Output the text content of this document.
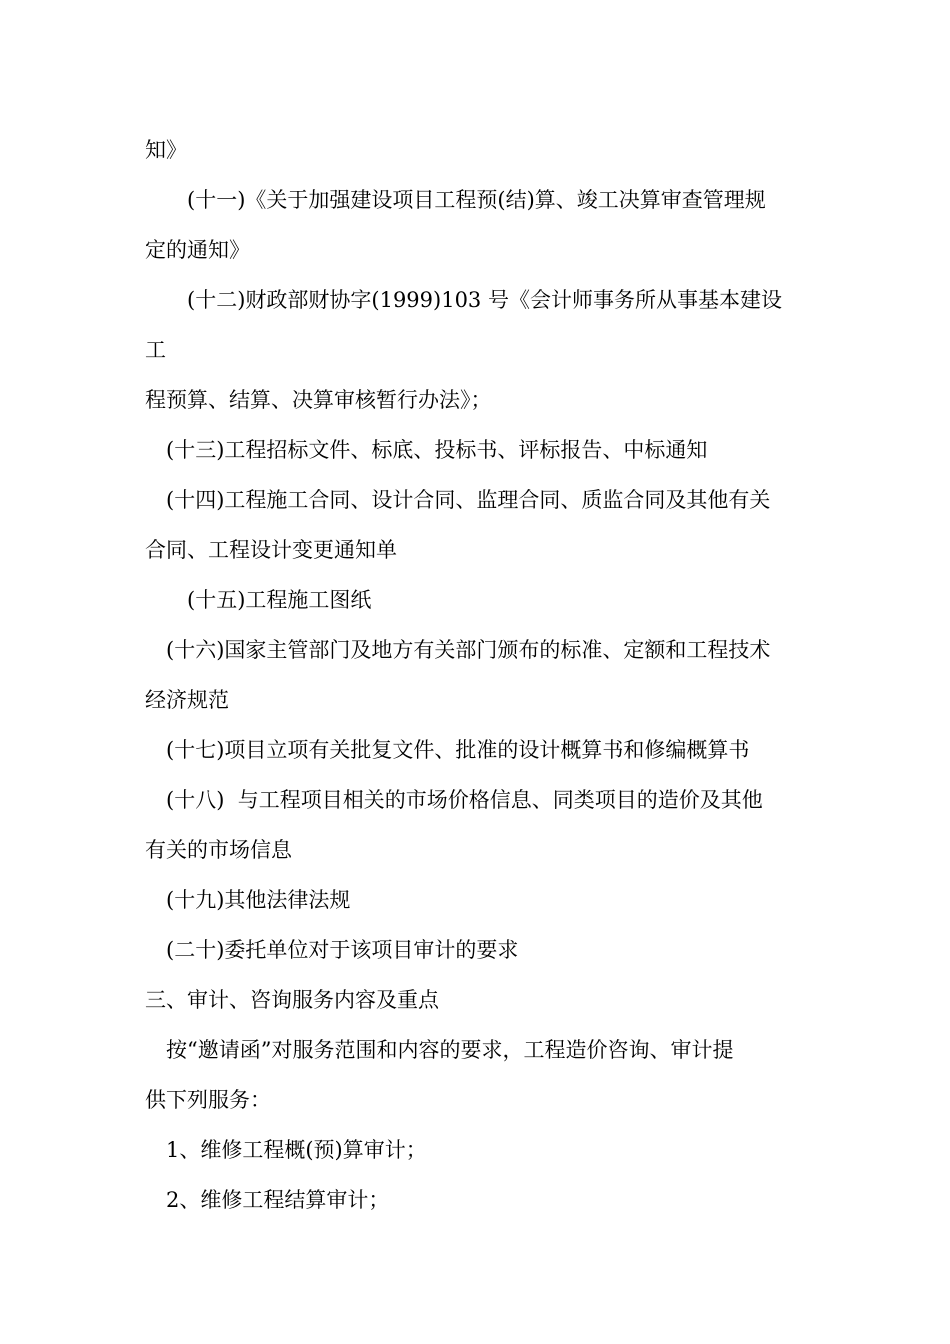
知》
(十一)《关于加强建设项目工程预(结)算、竣工决算审查管理规
定的通知》
(十二)财政部财协字(1999)103 号《会计师事务所从事基本建设
工
程预算、结算、决算审核暂行办法》；
(十三)工程招标文件、标底、投标书、评标报告、中标通知
(十四)工程施工合同、设计合同、监理合同、质监合同及其他有关
合同、工程设计变更通知单
(十五)工程施工图纸
(十六)国家主管部门及地方有关部门颁布的标准、定额和工程技术
经济规范
(十七)项目立项有关批复文件、批准的设计概算书和修编概算书
(十八)  与工程项目相关的市场价格信息、同类项目的造价及其他
有关的市场信息
(十九)其他法律法规
(二十)委托单位对于该项目审计的要求
三、审计、咨询服务内容及重点
按“邀请函”对服务范围和内容的要求，工程造价咨询、审计提
供下列服务：
1、维修工程概(预)算审计；
2、维修工程结算审计；
